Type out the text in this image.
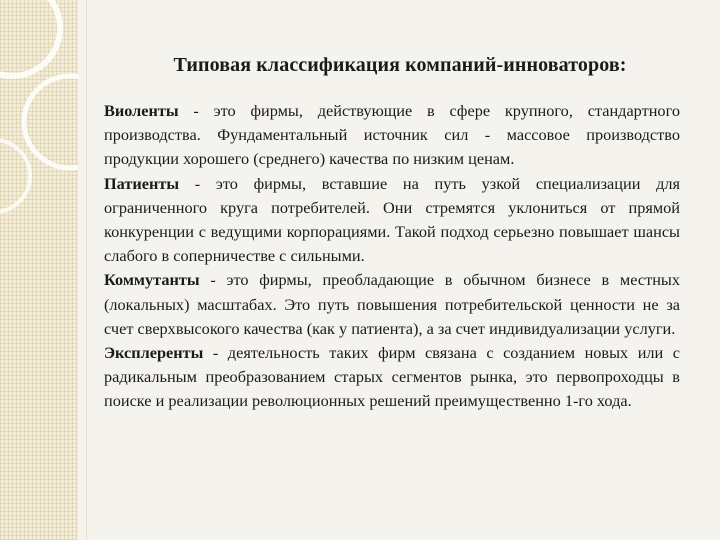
Типовая классификация компаний-инноваторов:

Виоленты - это фирмы, действующие в сфере крупного, стандартного производства. Фундаментальный источник сил - массовое производство продукции хорошего (среднего) качества по низким ценам.

Патиенты - это фирмы, вставшие на путь узкой специализации для ограниченного круга потребителей. Они стремятся уклониться от прямой конкуренции с ведущими корпорациями. Такой подход серьезно повышает шансы слабого в соперничестве с сильными.

Коммутанты - это фирмы, преобладающие в обычном бизнесе в местных (локальных) масштабах. Это путь повышения потребительской ценности не за счет сверхвысокого качества (как у патиента), а за счет индивидуализации услуги.

Эксплеренты - деятельность таких фирм связана с созданием новых или с радикальным преобразованием старых сегментов рынка, это первопроходцы в поиске и реализации революционных решений преимущественно 1-го хода.
